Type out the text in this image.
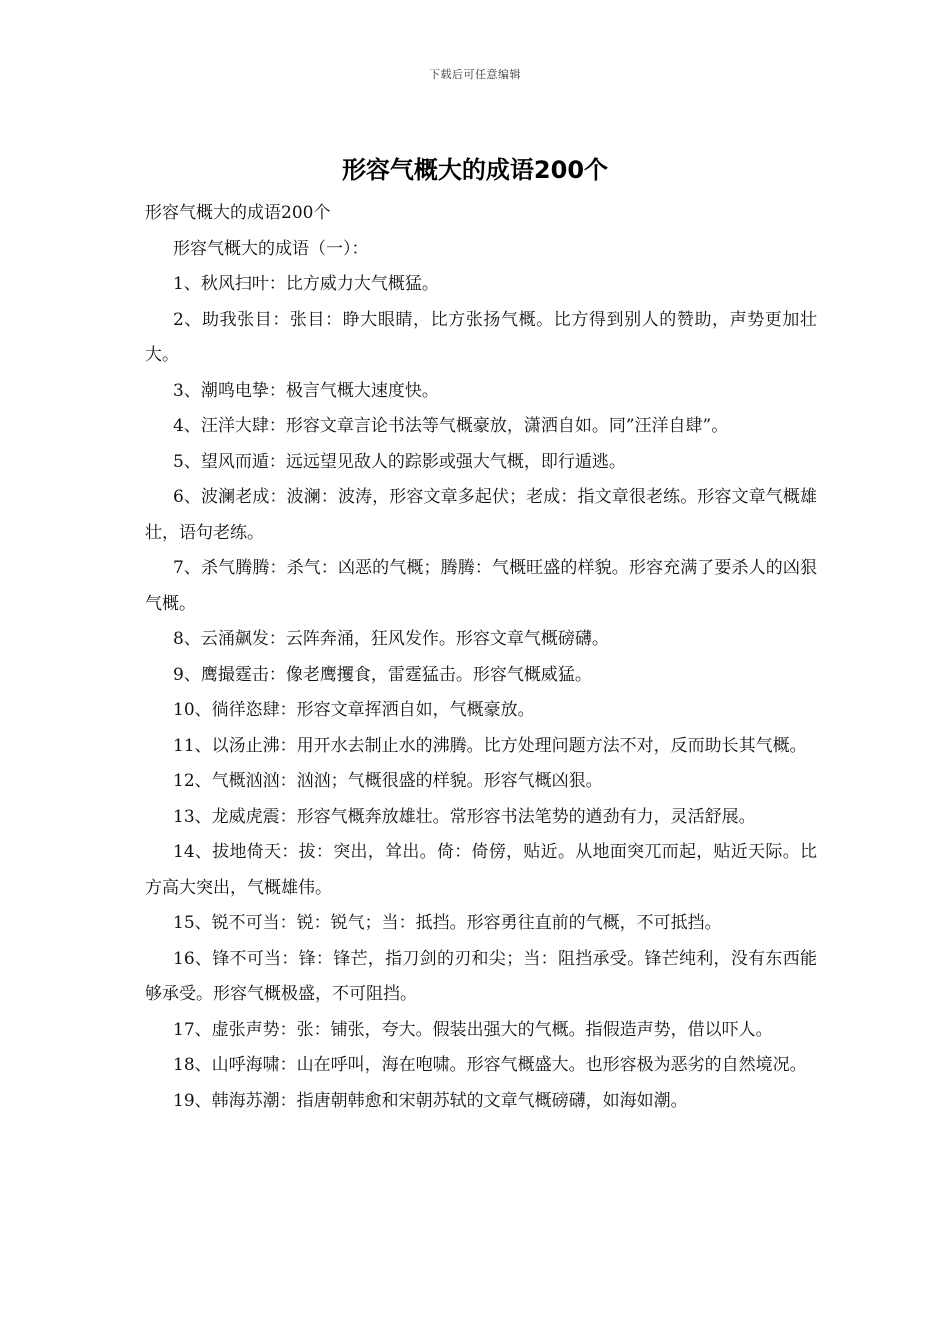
下载后可任意编辑
形容气概大的成语200个

形容气概大的成语200个

形容气概大的成语（一）：

1、秋风扫叶：比方威力大气概猛。

2、助我张目：张目：睁大眼睛，比方张扬气概。比方得到别人的赞助，声势更加壮大。

3、潮鸣电挚：极言气概大速度快。

4、汪洋大肆：形容文章言论书法等气概豪放，潇洒自如。同”汪洋自肆”。

5、望风而遁：远远望见敌人的踪影或强大气概，即行遁逃。

6、波澜老成：波澜：波涛，形容文章多起伏；老成：指文章很老练。形容文章气概雄壮，语句老练。

7、杀气腾腾：杀气：凶恶的气概；腾腾：气概旺盛的样貌。形容充满了要杀人的凶狠气概。

8、云涌飙发：云阵奔涌，狂风发作。形容文章气概磅礴。

9、鹰撮霆击：像老鹰攫食，雷霆猛击。形容气概威猛。

10、徜徉恣肆：形容文章挥洒自如，气概豪放。

11、以汤止沸：用开水去制止水的沸腾。比方处理问题方法不对，反而助长其气概。

12、气概汹汹：汹汹；气概很盛的样貌。形容气概凶狠。

13、龙威虎震：形容气概奔放雄壮。常形容书法笔势的遒劲有力，灵活舒展。

14、拔地倚天：拔：突出，耸出。倚：倚傍，贴近。从地面突兀而起，贴近天际。比方高大突出，气概雄伟。

15、锐不可当：锐：锐气；当：抵挡。形容勇往直前的气概，不可抵挡。

16、锋不可当：锋：锋芒，指刀剑的刃和尖；当：阻挡承受。锋芒纯利，没有东西能够承受。形容气概极盛，不可阻挡。

17、虚张声势：张：铺张，夸大。假装出强大的气概。指假造声势，借以吓人。

18、山呼海啸：山在呼叫，海在咆啸。形容气概盛大。也形容极为恶劣的自然境况。

19、韩海苏潮：指唐朝韩愈和宋朝苏轼的文章气概磅礴，如海如潮。
